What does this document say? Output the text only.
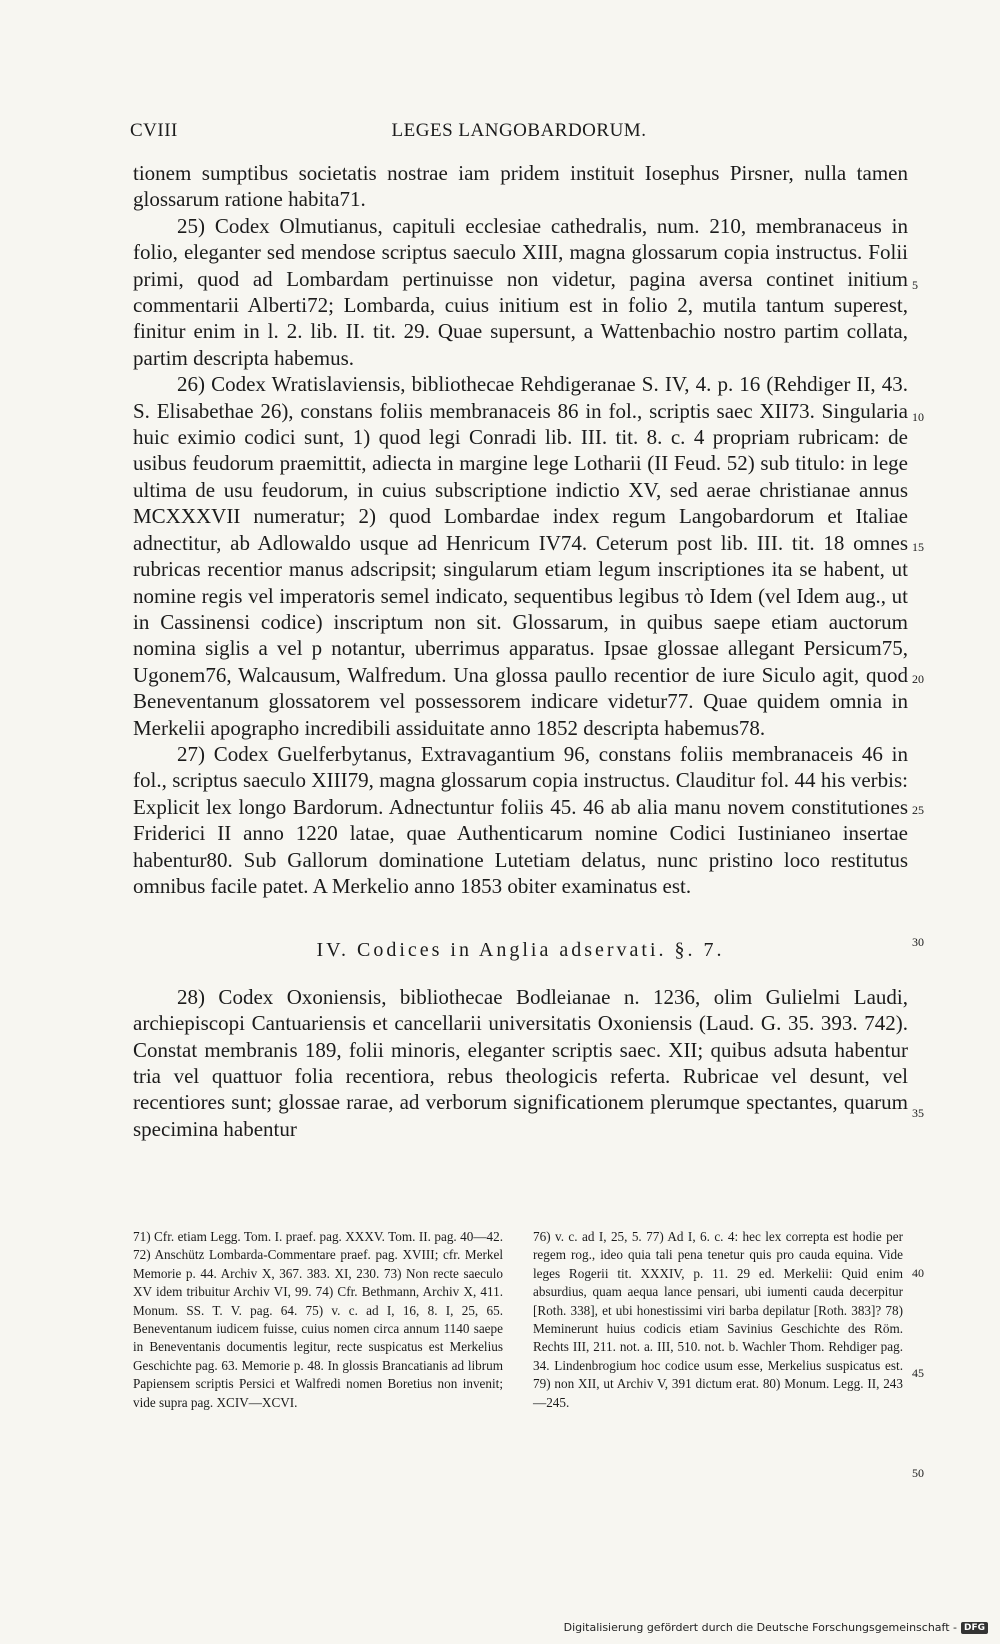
CVIII	LEGES LANGOBARDORUM.

tionem sumptibus societatis nostrae iam pridem instituit Iosephus Pirsner, nulla tamen glossarum ratione habita71.

25) Codex Olmutianus, capituli ecclesiae cathedralis, num. 210, membranaceus in folio, eleganter sed mendose scriptus saeculo XIII, magna glossarum copia instructus. Folii primi, quod ad Lombardam pertinuisse non videtur, pagina aversa continet initium commentarii Alberti72; Lombarda, cuius initium est in folio 2, mutila tantum superest, finitur enim in l. 2. lib. II. tit. 29. Quae supersunt, a Wattenbachio nostro partim collata, partim descripta habemus.

26) Codex Wratislaviensis, bibliothecae Rehdigeranae S. IV, 4. p. 16 (Rehdiger II, 43. S. Elisabethae 26), constans foliis membranaceis 86 in fol., scriptis saec XII73. Singularia huic eximio codici sunt, 1) quod legi Conradi lib. III. tit. 8. c. 4 propriam rubricam: de usibus feudorum praemittit, adiecta in margine lege Lotharii (II Feud. 52) sub titulo: in lege ultima de usu feudorum, in cuius subscriptione indictio XV, sed aerae christianae annus MCXXXVII numeratur; 2) quod Lombardae index regum Langobardorum et Italiae adnectitur, ab Adlowaldo usque ad Henricum IV74. Ceterum post lib. III. tit. 18 omnes rubricas recentior manus adscripsit; singularum etiam legum inscriptiones ita se habent, ut nomine regis vel imperatoris semel indicato, sequentibus legibus τὸ Idem (vel Idem aug., ut in Cassinensi codice) inscriptum non sit. Glossarum, in quibus saepe etiam auctorum nomina siglis a vel p notantur, uberrimus apparatus. Ipsae glossae allegant Persicum75, Ugonem76, Walcausum, Walfredum. Una glossa paullo recentior de iure Siculo agit, quod Beneventanum glossatorem vel possessorem indicare videtur77. Quae quidem omnia in Merkelii apographo incredibili assiduitate anno 1852 descripta habemus78.

27) Codex Guelferbytanus, Extravagantium 96, constans foliis membranaceis 46 in fol., scriptus saeculo XIII79, magna glossarum copia instructus. Clauditur fol. 44 his verbis: Explicit lex longo Bardorum. Adnectuntur foliis 45. 46 ab alia manu novem constitutiones Friderici II anno 1220 latae, quae Authenticarum nomine Codici Iustinianeo insertae habentur80. Sub Gallorum dominatione Lutetiam delatus, nunc pristino loco restitutus omnibus facile patet. A Merkelio anno 1853 obiter examinatus est.

IV. Codices in Anglia adservati. §. 7.

28) Codex Oxoniensis, bibliothecae Bodleianae n. 1236, olim Gulielmi Laudi, archiepiscopi Cantuariensis et cancellarii universitatis Oxoniensis (Laud. G. 35. 393. 742). Constat membranis 189, folii minoris, eleganter scriptis saec. XII; quibus adsuta habentur tria vel quattuor folia recentiora, rebus theologicis referta. Rubricae vel desunt, vel recentiores sunt; glossae rarae, ad verborum significationem plerumque spectantes, quarum specimina habentur

5
10
15
20
25
30
35
71) Cfr. etiam Legg. Tom. I. praef. pag. XXXV. Tom. II. pag. 40—42. 72) Anschütz Lombarda-Commentare praef. pag. XVIII; cfr. Merkel Memorie p. 44. Archiv X, 367. 383. XI, 230. 73) Non recte saeculo XV idem tribuitur Archiv VI, 99. 74) Cfr. Bethmann, Archiv X, 411. Monum. SS. T. V. pag. 64. 75) v. c. ad I, 16, 8. I, 25, 65. Beneventanum iudicem fuisse, cuius nomen circa annum 1140 saepe in Beneventanis documentis legitur, recte suspicatus est Merkelius Geschichte pag. 63. Memorie p. 48. In glossis Brancatianis ad librum Papiensem scriptis Persici et Walfredi nomen Boretius non invenit; vide supra pag. XCIV—XCVI.
76) v. c. ad I, 25, 5. 77) Ad I, 6. c. 4: hec lex correpta est hodie per regem rog., ideo quia tali pena tenetur quis pro cauda equina. Vide leges Rogerii tit. XXXIV, p. 11. 29 ed. Merkelii: Quid enim absurdius, quam aequa lance pensari, ubi iumenti cauda decerpitur [Roth. 338], et ubi honestissimi viri barba depilatur [Roth. 383]? 78) Meminerunt huius codicis etiam Savinius Geschichte des Röm. Rechts III, 211. not. a. III, 510. not. b. Wachler Thom. Rehdiger pag. 34. Lindenbrogium hoc codice usum esse, Merkelius suspicatus est. 79) non XII, ut Archiv V, 391 dictum erat. 80) Monum. Legg. II, 243—245.
40
45
50
Digitalisierung gefördert durch die Deutsche Forschungsgemeinschaft - DFG
